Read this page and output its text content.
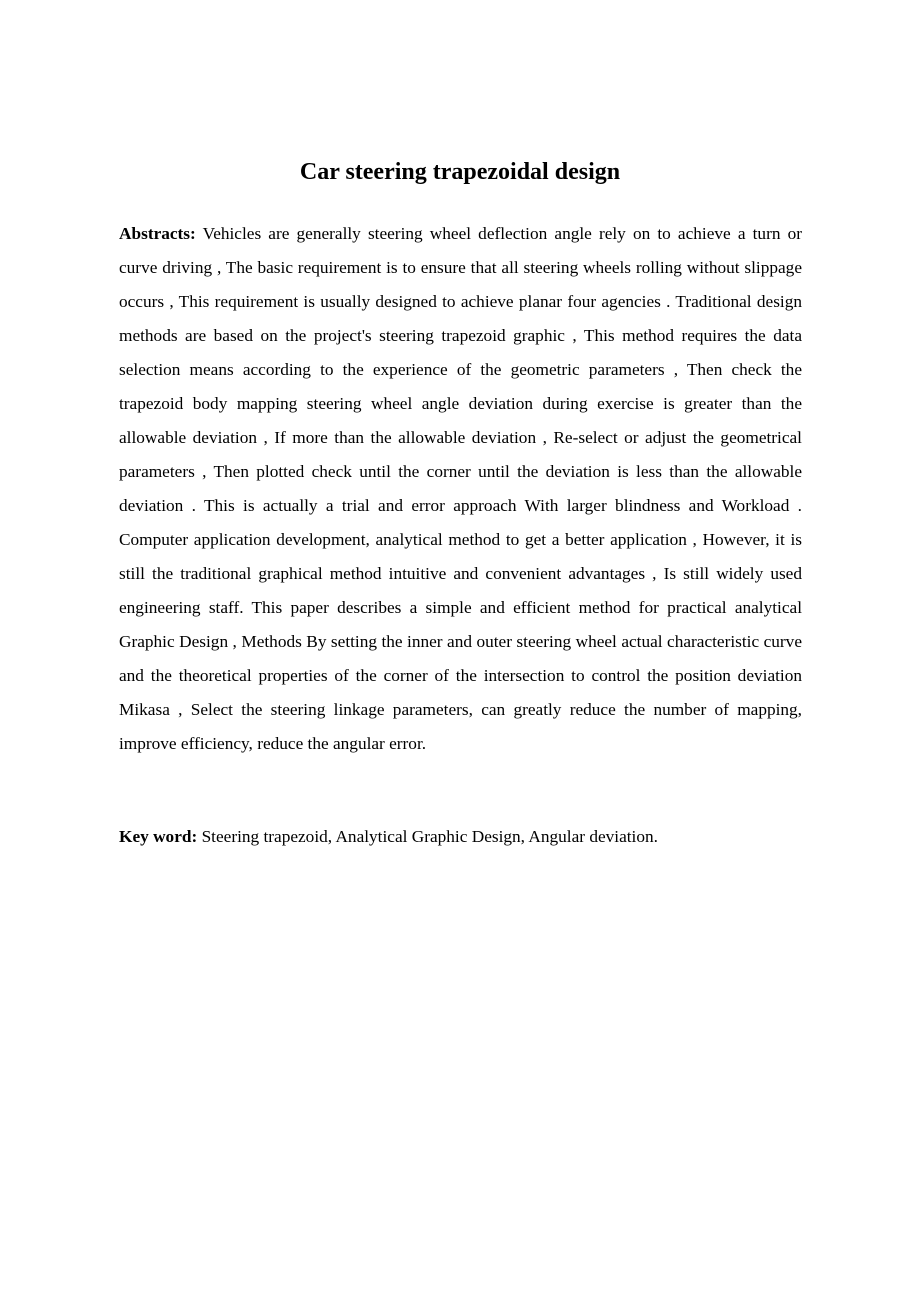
Car steering trapezoidal design

Abstracts: Vehicles are generally steering wheel deflection angle rely on to achieve a turn or curve driving , The basic requirement is to ensure that all steering wheels rolling without slippage occurs , This requirement is usually designed to achieve planar four agencies . Traditional design methods are based on the project's steering trapezoid graphic , This method requires the data selection means according to the experience of the geometric parameters , Then check the trapezoid body mapping steering wheel angle deviation during exercise is greater than the allowable deviation , If more than the allowable deviation , Re-select or adjust the geometrical parameters , Then plotted check until the corner until the deviation is less than the allowable deviation . This is actually a trial and error approach With larger blindness and Workload . Computer application development, analytical method to get a better application , However, it is still the traditional graphical method intuitive and convenient advantages , Is still widely used engineering staff. This paper describes a simple and efficient method for practical analytical Graphic Design , Methods By setting the inner and outer steering wheel actual characteristic curve and the theoretical properties of the corner of the intersection to control the position deviation Mikasa , Select the steering linkage parameters, can greatly reduce the number of mapping, improve efficiency, reduce the angular error.

Key word: Steering trapezoid, Analytical Graphic Design, Angular deviation.
